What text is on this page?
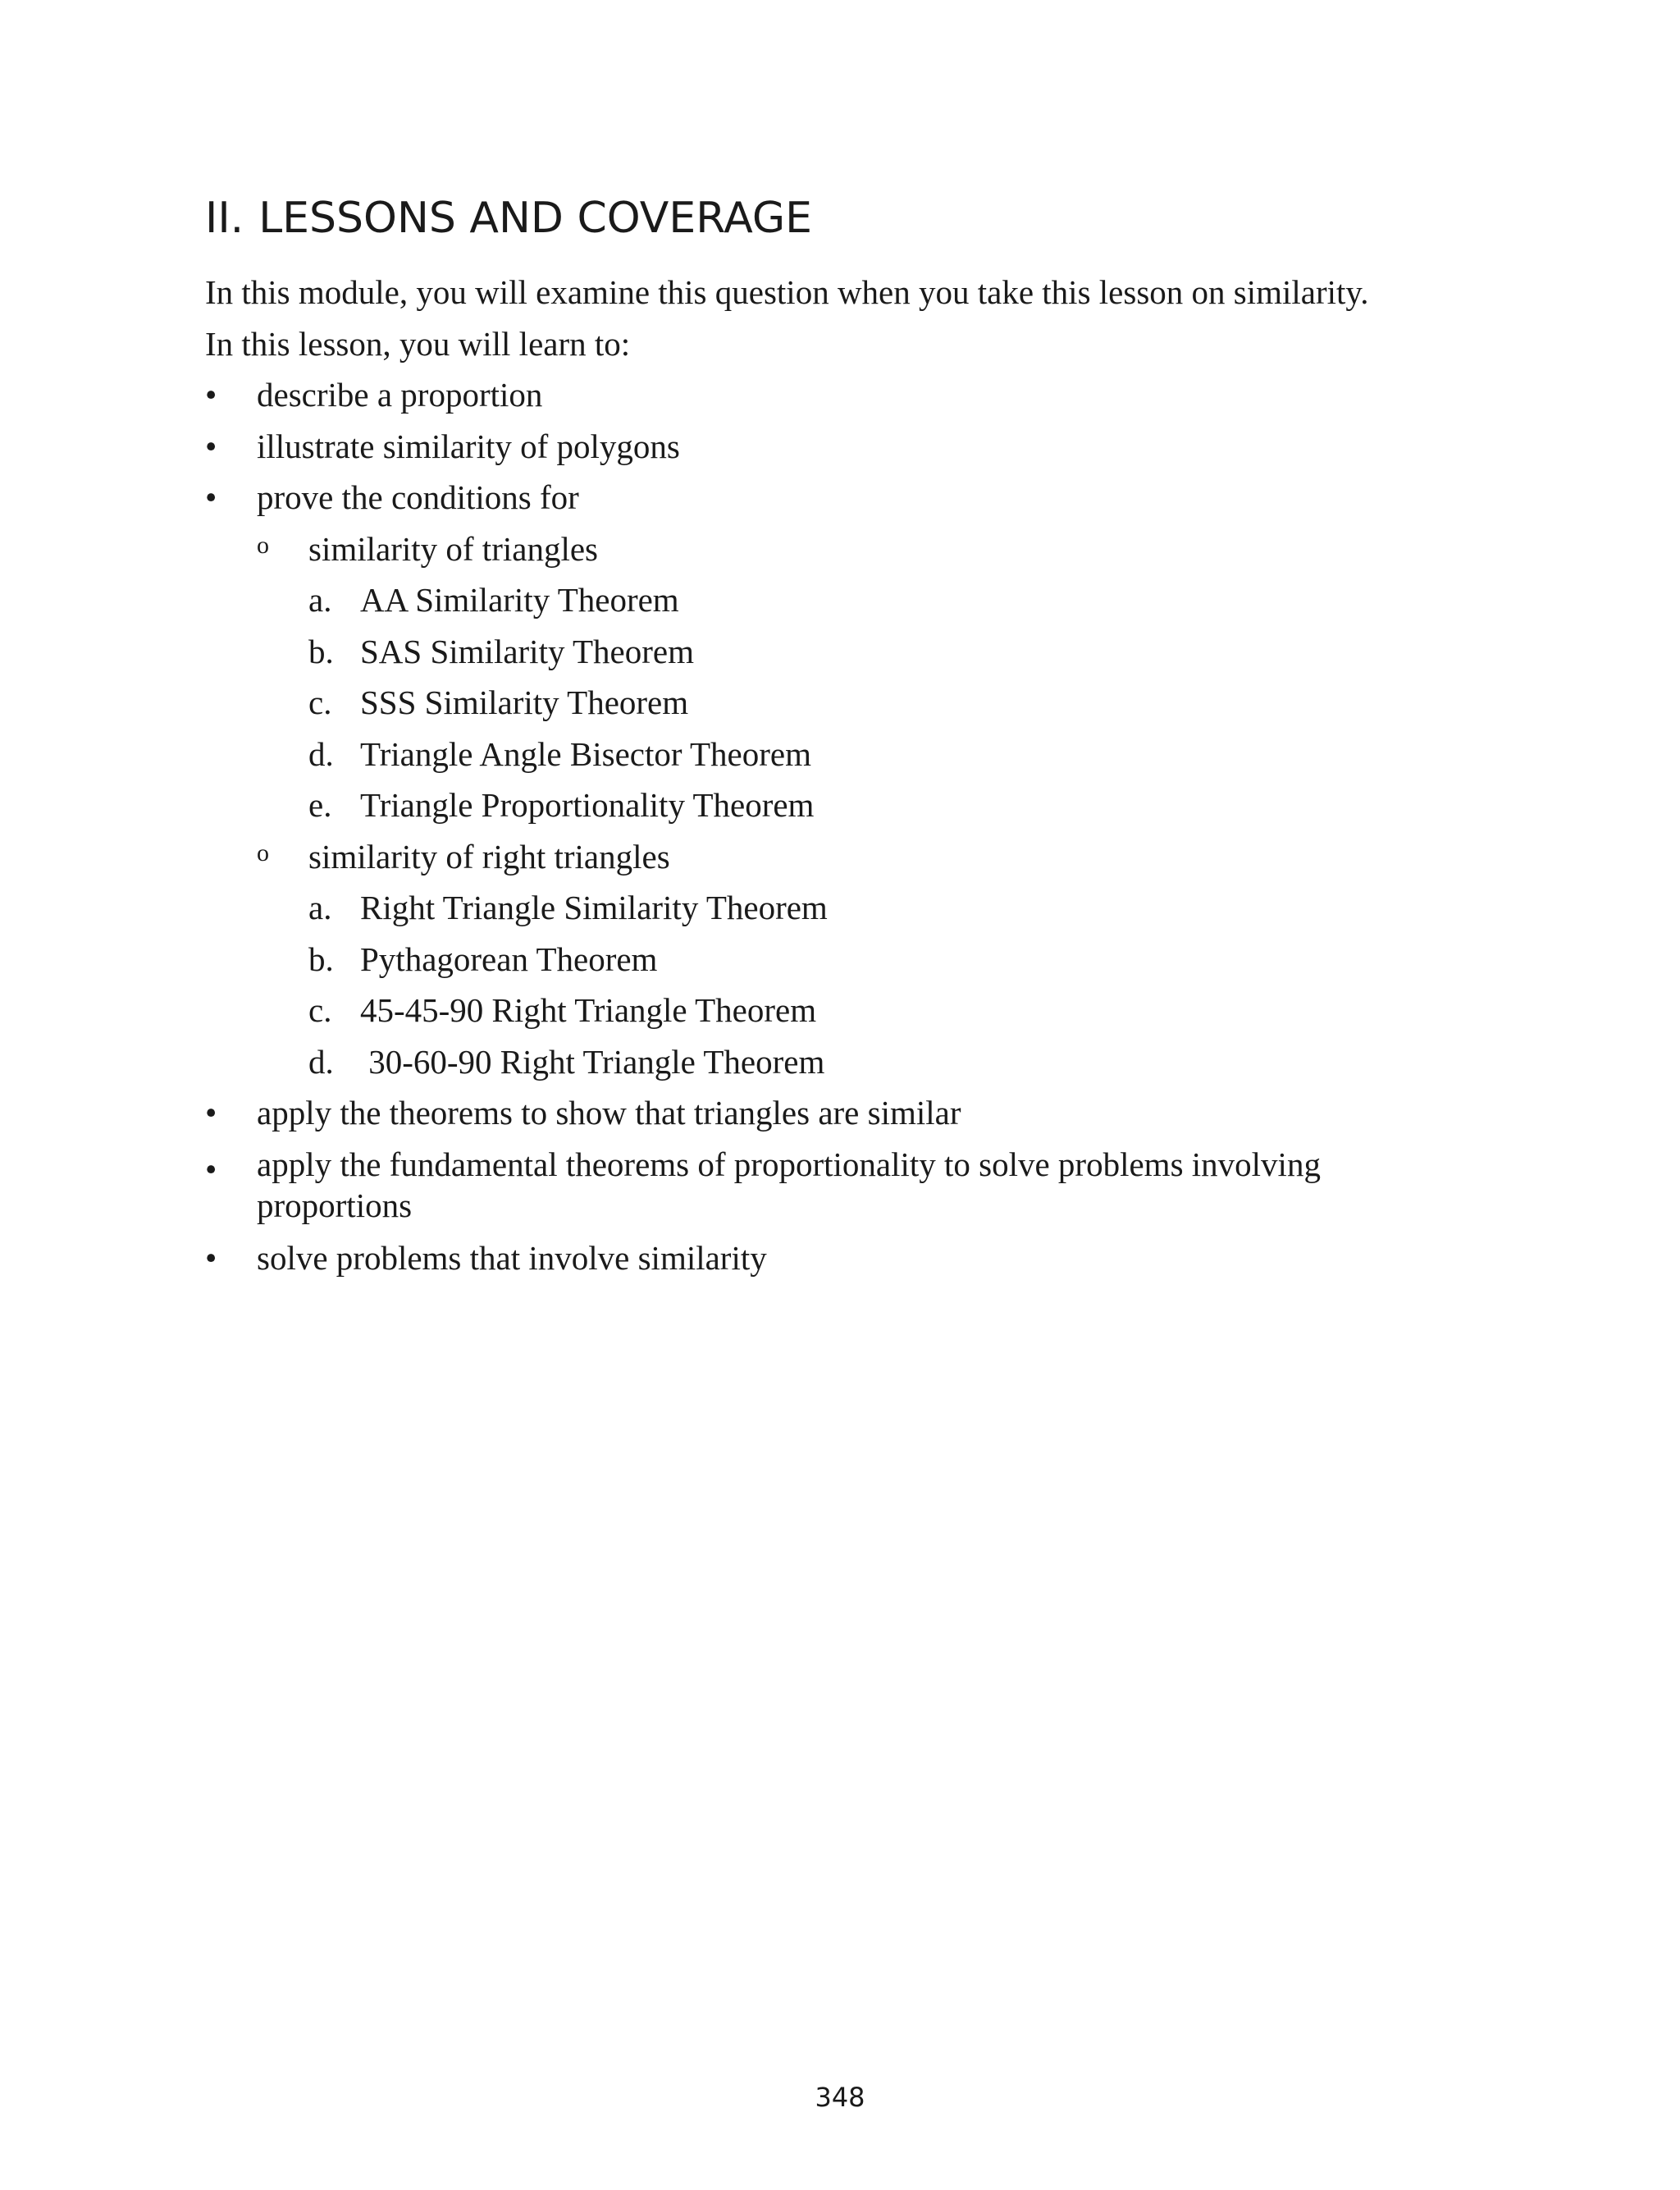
II. LESSONS AND COVERAGE

In this module, you will examine this question when you take this lesson on similarity.

In this lesson, you will learn to:

•	describe a proportion
•	illustrate similarity of polygons
•	prove the conditions for
o	similarity of triangles
a. AA Similarity Theorem
b. SAS Similarity Theorem
c. SSS Similarity Theorem
d. Triangle Angle Bisector Theorem
e. Triangle Proportionality Theorem
o	similarity of right triangles
a. Right Triangle Similarity Theorem
b. Pythagorean Theorem
c. 45-45-90 Right Triangle Theorem
d. 30-60-90 Right Triangle Theorem
•	apply the theorems to show that triangles are similar
•	apply the fundamental theorems of proportionality to solve problems involving proportions
•	solve problems that involve similarity
348
